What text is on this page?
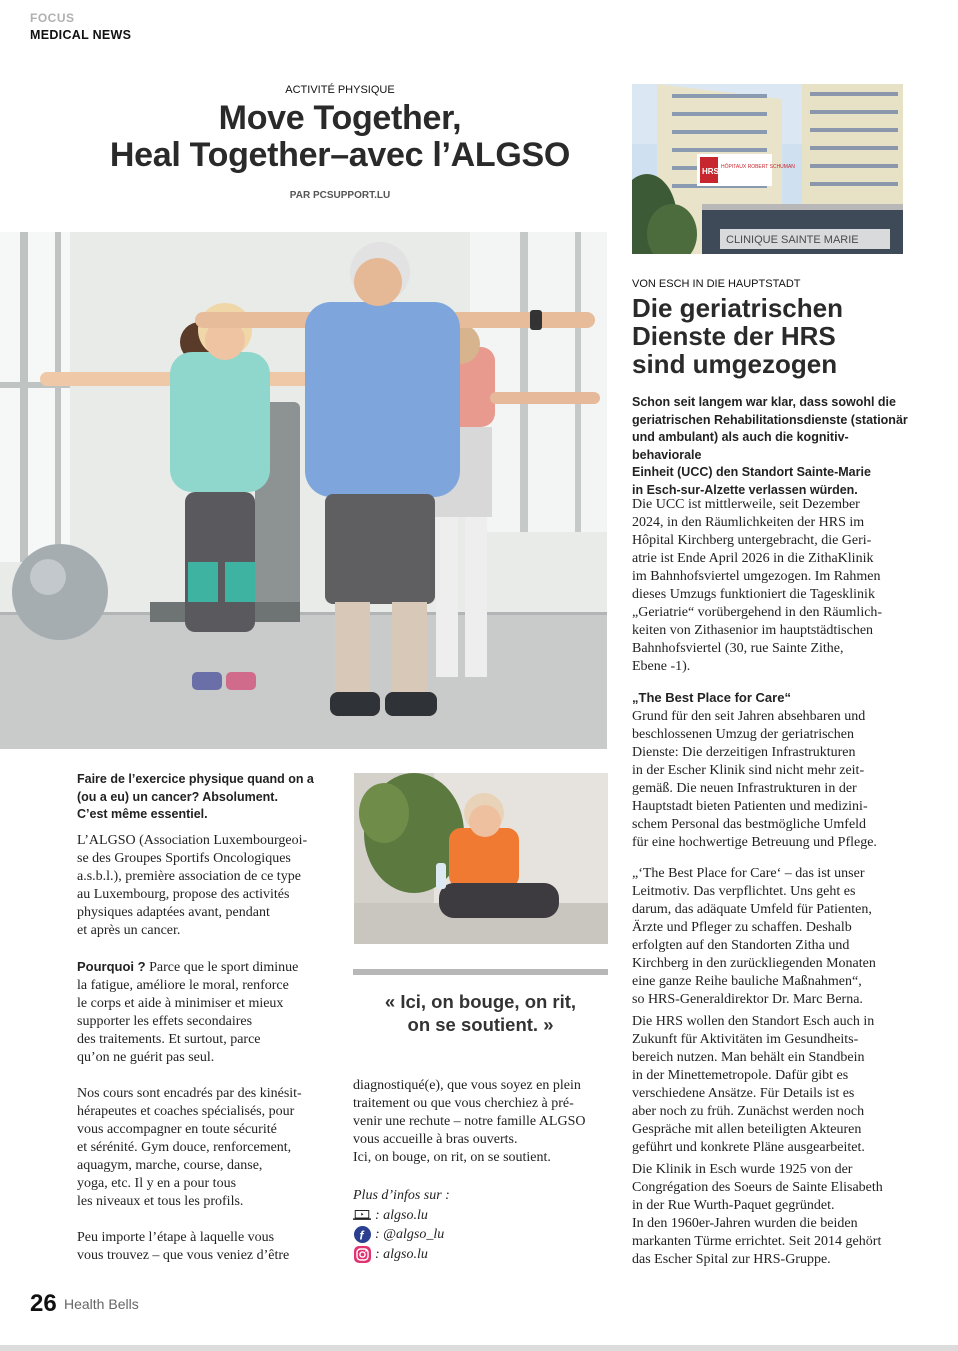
FOCUS
MEDICAL NEWS
ACTIVITÉ PHYSIQUE
Move Together,
Heal Together–avec l’ALGSO
PAR PCSUPPORT.LU
HRS HÔPITAUX ROBERT SCHUMAN
CLINIQUE SAINTE MARIE
Faire de l’exercice physique quand on a
(ou a eu) un cancer? Absolument.
C’est même essentiel.

L’ALGSO (Association Luxembourgeoi-
se des Groupes Sportifs Oncologiques
a.s.b.l.), première association de ce type
au Luxembourg, propose des activités
physiques adaptées avant, pendant
et après un cancer.

Pourquoi ? Parce que le sport diminue
la fatigue, améliore le moral, renforce
le corps et aide à minimiser et mieux
supporter les effets secondaires
des traitements. Et surtout, parce
qu’on ne guérit pas seul.

Nos cours sont encadrés par des kinésit-
hérapeutes et coaches spécialisés, pour
vous accompagner en toute sécurité
et sérénité. Gym douce, renforcement,
aquagym, marche, course, danse,
yoga, etc. Il y en a pour tous
les niveaux et tous les profils.

Peu importe l’étape à laquelle vous
vous trouvez – que vous veniez d’être

« Ici, on bouge, on rit,
on se soutient. »

diagnostiqué(e), que vous soyez en plein
traitement ou que vous cherchiez à pré-
venir une rechute – notre famille ALGSO
vous accueille à bras ouverts.
Ici, on bouge, on rit, on se soutient.

Plus d’infos sur :
: algso.lu
f : @algso_lu
: algso.lu
VON ESCH IN DIE HAUPTSTADT
Die geriatrischen
Dienste der HRS
sind umgezogen
Schon seit langem war klar, dass sowohl die
geriatrischen Rehabilitationsdienste (stationär
und ambulant) als auch die kognitiv-behaviorale
Einheit (UCC) den Standort Sainte-Marie
in Esch-sur-Alzette verlassen würden.

Die UCC ist mittlerweile, seit Dezember
2024, in den Räumlichkeiten der HRS im
Hôpital Kirchberg untergebracht, die Geri-
atrie ist Ende April 2026 in die ZithaKlinik
im Bahnhofsviertel umgezogen. Im Rahmen
dieses Umzugs funktioniert die Tagesklinik
„Geriatrie“ vorübergehend in den Räumlich-
keiten von Zithasenior im hauptstädtischen
Bahnhofsviertel (30, rue Sainte Zithe,
Ebene -1).

„The Best Place for Care“
Grund für den seit Jahren absehbaren und
beschlossenen Umzug der geriatrischen
Dienste: Die derzeitigen Infrastrukturen
in der Escher Klinik sind nicht mehr zeit-
gemäß. Die neuen Infrastrukturen in der
Hauptstadt bieten Patienten und medizini-
schem Personal das bestmögliche Umfeld
für eine hochwertige Betreuung und Pflege.

„‘The Best Place for Care‘ – das ist unser
Leitmotiv. Das verpflichtet. Uns geht es
darum, das adäquate Umfeld für Patienten,
Ärzte und Pfleger zu schaffen. Deshalb
erfolgten auf den Standorten Zitha und
Kirchberg in den zurückliegenden Monaten
eine ganze Reihe bauliche Maßnahmen“,
so HRS-Generaldirektor Dr. Marc Berna.

Die HRS wollen den Standort Esch auch in
Zukunft für Aktivitäten im Gesundheits-
bereich nutzen. Man behält ein Standbein
in der Minettemetropole. Dafür gibt es
verschiedene Ansätze. Für Details ist es
aber noch zu früh. Zunächst werden noch
Gespräche mit allen beteiligten Akteuren
geführt und konkrete Pläne ausgearbeitet.

Die Klinik in Esch wurde 1925 von der
Congrégation des Soeurs de Sainte Elisabeth
in der Rue Wurth-Paquet gegründet.
In den 1960er-Jahren wurden die beiden
markanten Türme errichtet. Seit 2014 gehört
das Escher Spital zur HRS-Gruppe.

26 Health Bells
